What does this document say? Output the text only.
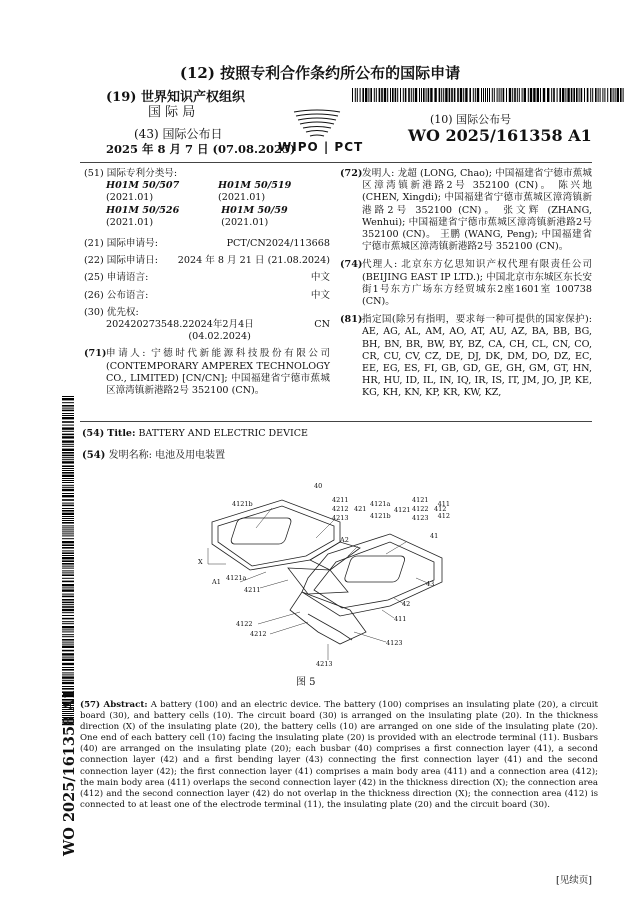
(12) 按照专利合作条约所公布的国际申请
(19) 世界知识产权组织
国 际 局	(10) 国际公布号
WO 2025/161358 A1
(43) 国际公布日
2025 年 8 月 7 日 (07.08.2025)
WIPO | PCT
(51) 国际专利分类号:
H01M 50/507 (2021.01)
H01M 50/519 (2021.01)
H01M 50/526 (2021.01)
H01M 50/59 (2021.01)
(21) 国际申请号:	PCT/CN2024/113668
(22) 国际申请日: 2024 年 8 月 21 日 (21.08.2024)
(25) 申请语言:	中文
(26) 公布语言:	中文
(30) 优先权:
202420273548.2 2024年2月4日 (04.02.2024)
CN
(71) 申请人: 宁德时代新能源科技股份有限公司 (CONTEMPORARY AMPEREX TECHNOLOGY CO., LIMITED) [CN/CN]; 中国福建省宁德市蕉城区漳湾镇新港路2号 352100 (CN)。
(72) 发明人: 龙超 (LONG, Chao); 中国福建省宁德市蕉城区漳湾镇新港路2号 352100 (CN)。 陈兴地 (CHEN, Xingdi); 中国福建省宁德市蕉城区漳湾镇新港路2号 352100 (CN)。 张文辉 (ZHANG, Wenhui); 中国福建省宁德市蕉城区漳湾镇新港路2号 352100 (CN)。 王鹏 (WANG, Peng); 中国福建省宁德市蕉城区漳湾镇新港路2号 352100 (CN)。
(74) 代理人: 北京东方亿思知识产权代理有限责任公司 (BEIJING EAST IP LTD.); 中国北京市东城区东长安街1号东方广场东方经贸城东2座1601室 100738 (CN)。
(81) 指定国(除另有指明，要求每一种可提供的国家保护): AE, AG, AL, AM, AO, AT, AU, AZ, BA, BB, BG, BH, BN, BR, BW, BY, BZ, CA, CH, CL, CN, CO, CR, CU, CV, CZ, DE, DJ, DK, DM, DO, DZ, EC, EE, EG, ES, FI, GB, GD, GE, GH, GM, GT, HN, HR, HU, ID, IL, IN, IQ, IR, IS, IT, JM, JO, JP, KE, KG, KH, KN, KP, KR, KW, KZ,
WO 2025/161358 A1
(54) Title: BATTERY AND ELECTRIC DEVICE
(54) 发明名称: 电池及用电装置
40
4121b	4211
4212
4213
421
4121a
4121b
4121
4121
4122
4123
412
411
412
41
A2
X
A1 4121a
4211
43
42
411
4122
4212
4123
4213
图 5
(57) Abstract: A battery (100) and an electric device. The battery (100) comprises an insulating plate (20), a circuit board (30), and battery cells (10). The circuit board (30) is arranged on the insulating plate (20). In the thickness direction (X) of the insulating plate (20), the battery cells (10) are arranged on one side of the insulating plate (20). One end of each battery cell (10) facing the insulating plate (20) is provided with an electrode terminal (11). Busbars (40) are arranged on the insulating plate (20); each busbar (40) comprises a first connection layer (41), a second connection layer (42) and a first bending layer (43) connecting the first connection layer (41) and the second connection layer (42); the first connection layer (41) comprises a main body area (411) and a connection area (412); the main body area (411) overlaps the second connection layer (42) in the thickness direction (X); the connection area (412) and the second connection layer (42) do not overlap in the thickness direction (X); the connection area (412) is connected to at least one of the electrode terminal (11), the insulating plate (20) and the circuit board (30).
[见续页]
